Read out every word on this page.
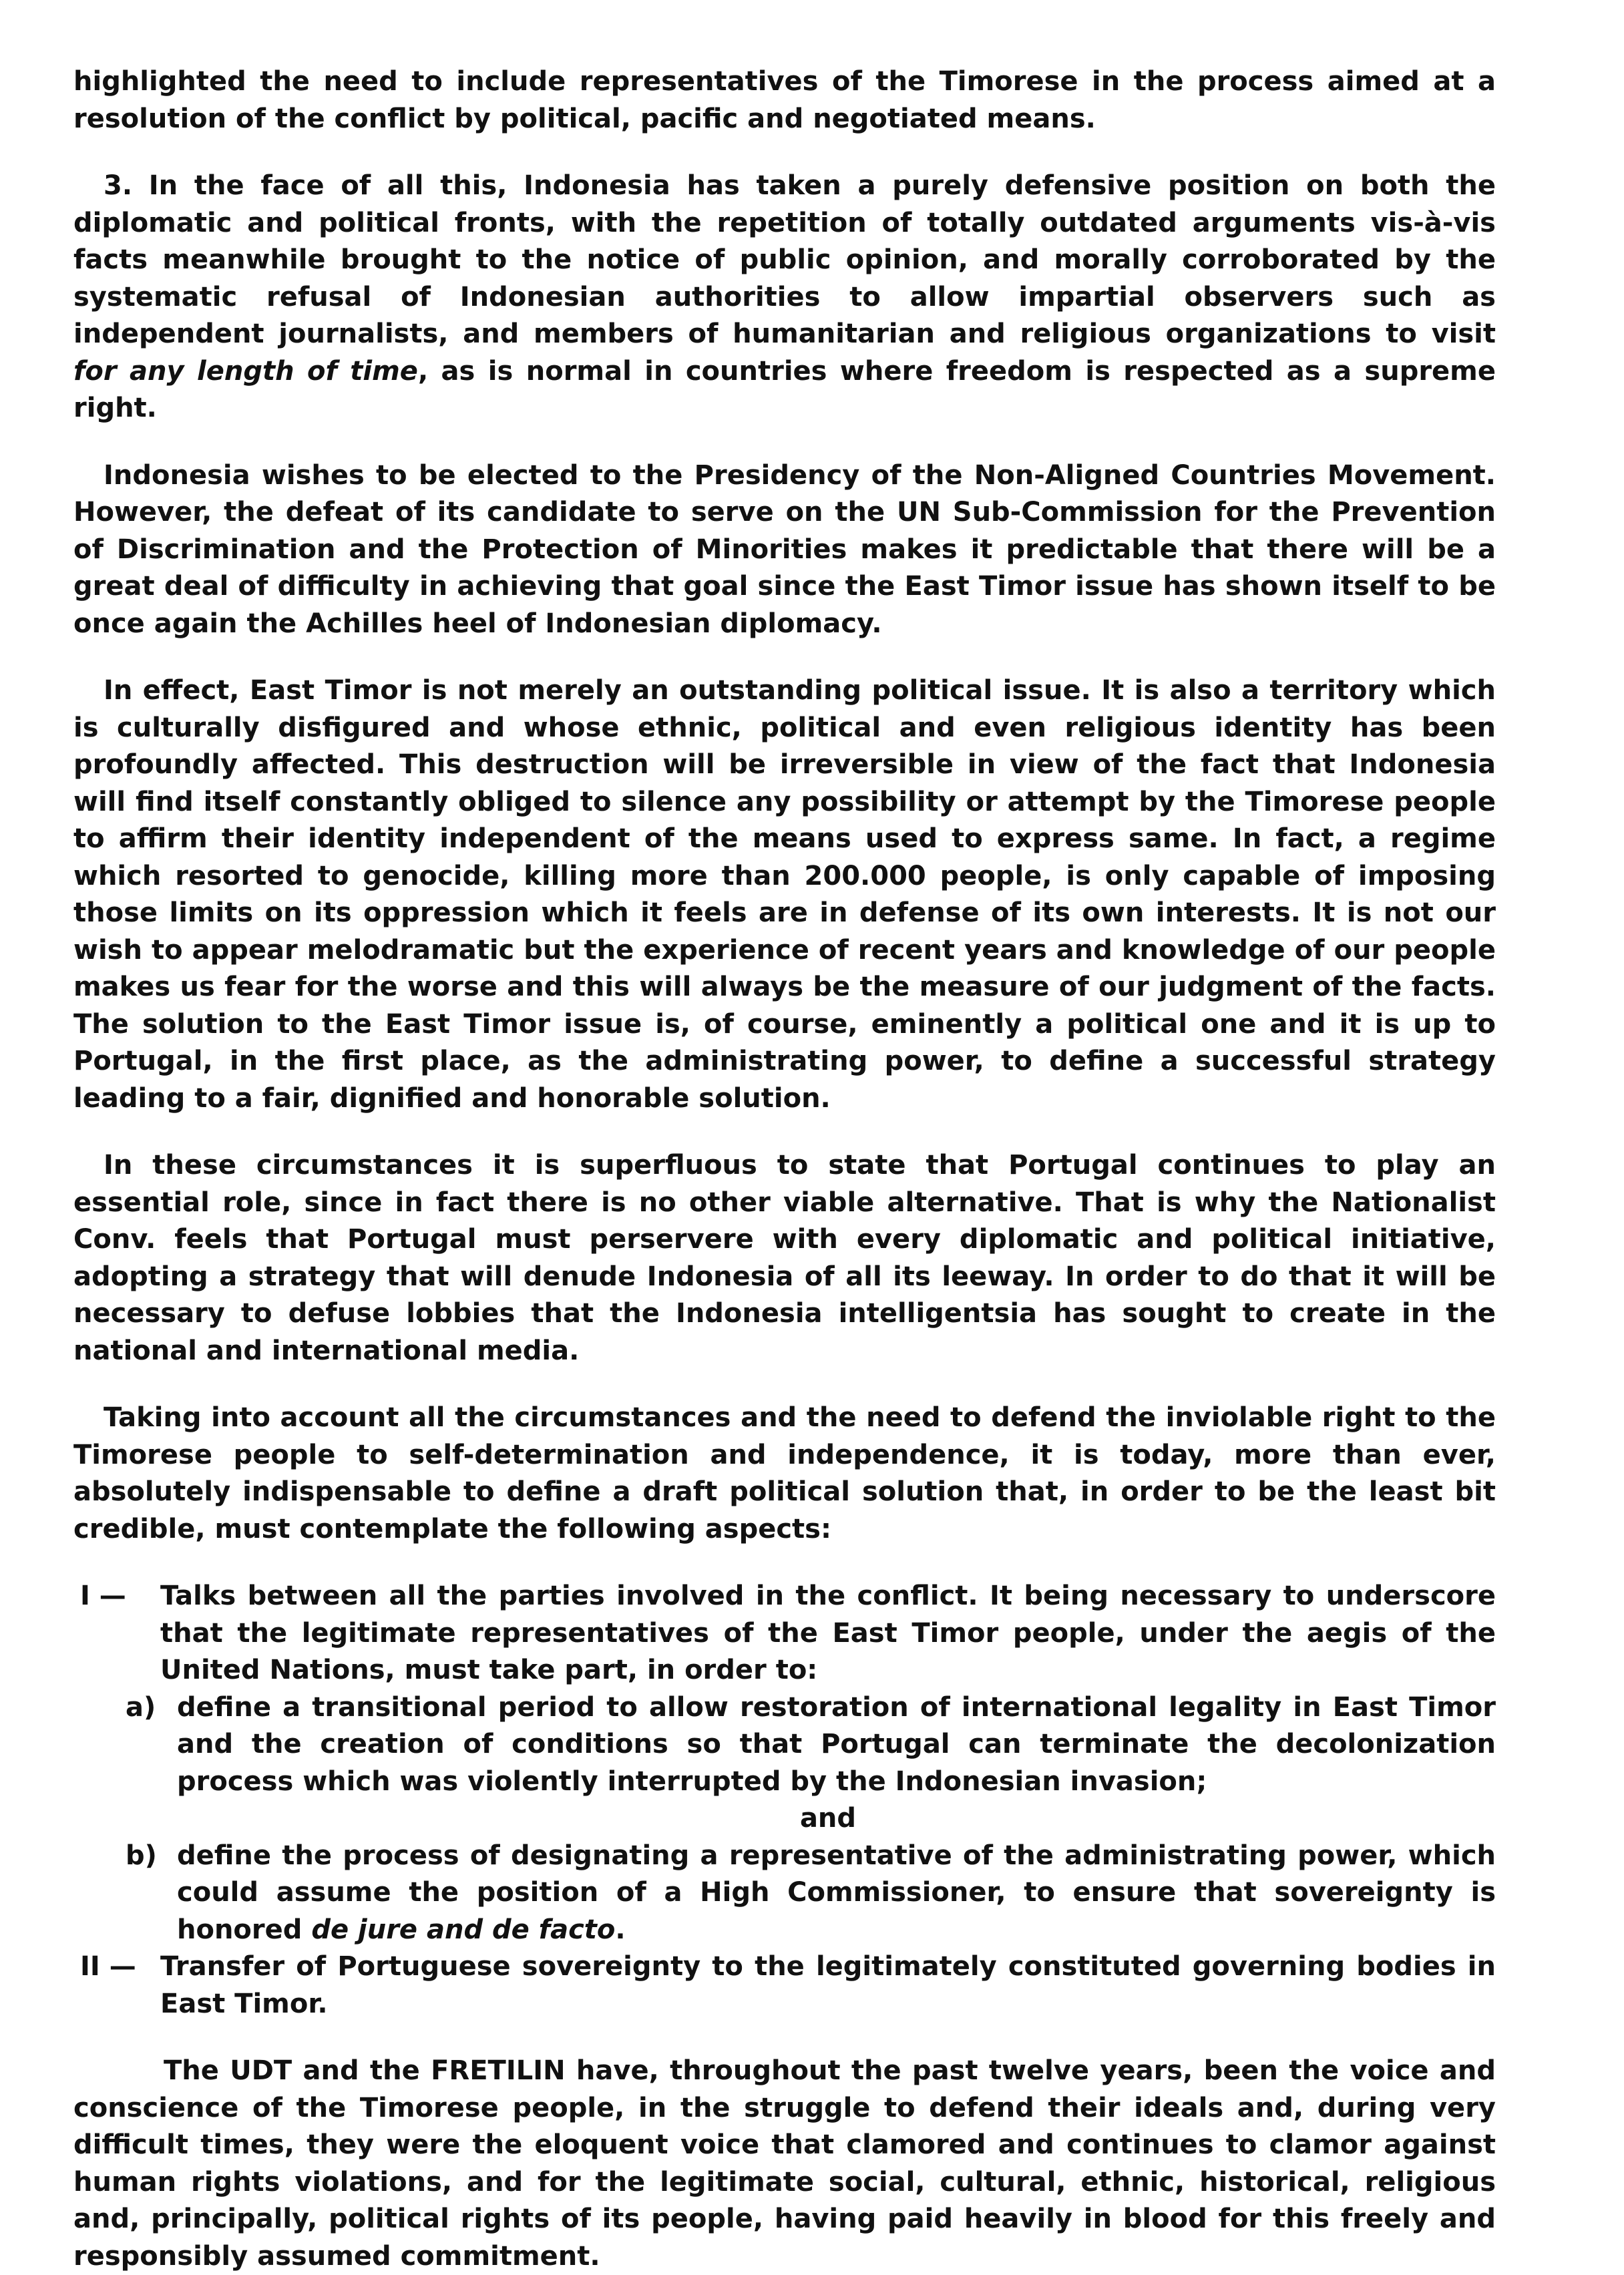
highlighted the need to include representatives of the Timorese in the process aimed at a resolution of the conflict by political, pacific and negotiated means.

3. In the face of all this, Indonesia has taken a purely defensive position on both the diplomatic and political fronts, with the repetition of totally outdated arguments vis-à-vis facts meanwhile brought to the notice of public opinion, and morally corroborated by the systematic refusal of Indonesian authorities to allow impartial observers such as independent journalists, and members of humanitarian and religious organizations to visit for any length of time, as is normal in countries where freedom is respected as a supreme right.

Indonesia wishes to be elected to the Presidency of the Non-Aligned Countries Movement. However, the defeat of its candidate to serve on the UN Sub-Commission for the Prevention of Discrimination and the Protection of Minorities makes it predictable that there will be a great deal of difficulty in achieving that goal since the East Timor issue has shown itself to be once again the Achilles heel of Indonesian diplomacy.

In effect, East Timor is not merely an outstanding political issue. It is also a territory which is culturally disfigured and whose ethnic, political and even religious identity has been profoundly affected. This destruction will be irreversible in view of the fact that Indonesia will find itself constantly obliged to silence any possibility or attempt by the Timorese people to affirm their identity independent of the means used to express same. In fact, a regime which resorted to genocide, killing more than 200.000 people, is only capable of imposing those limits on its oppression which it feels are in defense of its own interests. It is not our wish to appear melodramatic but the experience of recent years and knowledge of our people makes us fear for the worse and this will always be the measure of our judgment of the facts. The solution to the East Timor issue is, of course, eminently a political one and it is up to Portugal, in the first place, as the administrating power, to define a successful strategy leading to a fair, dignified and honorable solution.

In these circumstances it is superfluous to state that Portugal continues to play an essential role, since in fact there is no other viable alternative. That is why the Nationalist Conv. feels that Portugal must perservere with every diplomatic and political initiative, adopting a strategy that will denude Indonesia of all its leeway. In order to do that it will be necessary to defuse lobbies that the Indonesia intelligentsia has sought to create in the national and international media.

Taking into account all the circumstances and the need to defend the inviolable right to the Timorese people to self-determination and independence, it is today, more than ever, absolutely indispensable to define a draft political solution that, in order to be the least bit credible, must contemplate the following aspects:

I — Talks between all the parties involved in the conflict. It being necessary to underscore that the legitimate representatives of the East Timor people, under the aegis of the United Nations, must take part, in order to:

a) define a transitional period to allow restoration of international legality in East Timor and the creation of conditions so that Portugal can terminate the decolonization process which was violently interrupted by the Indonesian invasion;

and

b) define the process of designating a representative of the administrating power, which could assume the position of a High Commissioner, to ensure that sovereignty is honored de jure and de facto.

II — Transfer of Portuguese sovereignty to the legitimately constituted governing bodies in East Timor.

The UDT and the FRETILIN have, throughout the past twelve years, been the voice and conscience of the Timorese people, in the struggle to defend their ideals and, during very difficult times, they were the eloquent voice that clamored and continues to clamor against human rights violations, and for the legitimate social, cultural, ethnic, historical, religious and, principally, political rights of its people, having paid heavily in blood for this freely and responsibly assumed commitment.
